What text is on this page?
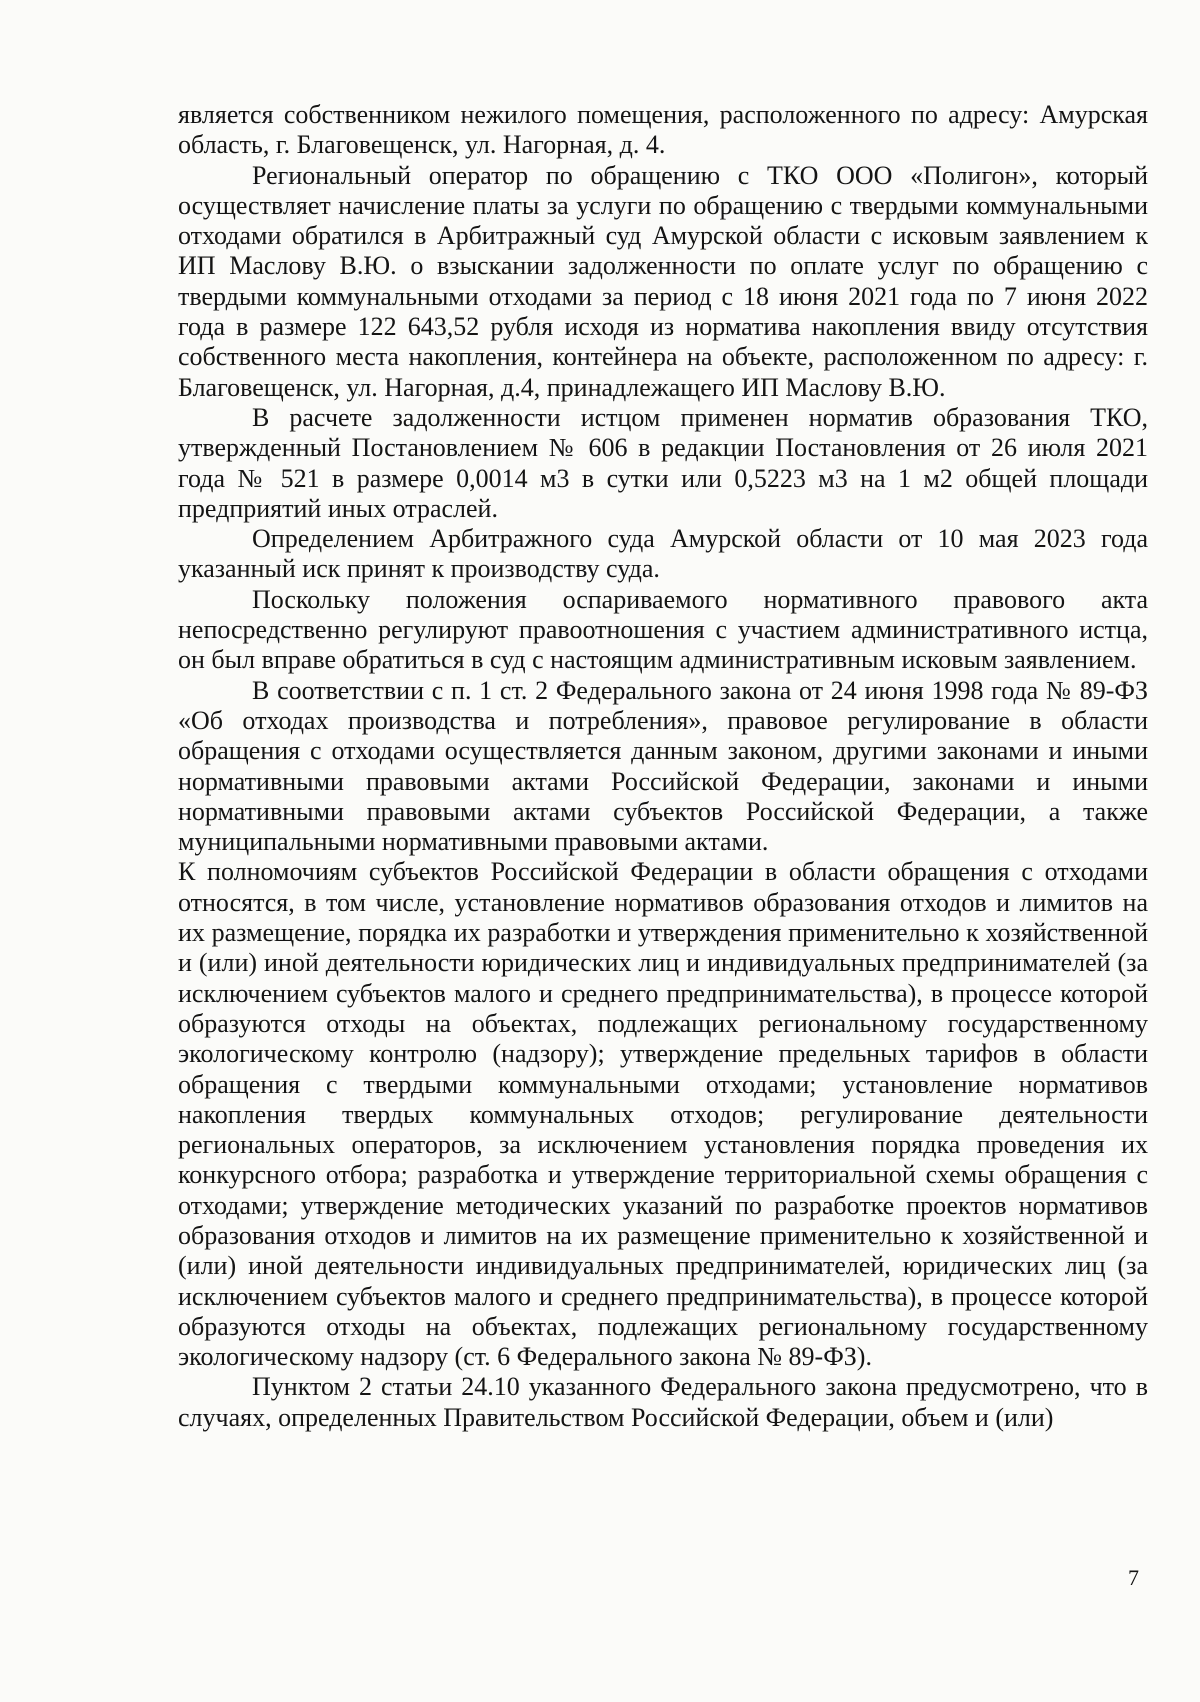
является собственником нежилого помещения, расположенного по адресу: Амурская область, г. Благовещенск, ул. Нагорная, д. 4.

Региональный оператор по обращению с ТКО ООО «Полигон», который осуществляет начисление платы за услуги по обращению с твердыми коммунальными отходами обратился в Арбитражный суд Амурской области с исковым заявлением к ИП Маслову В.Ю. о взыскании задолженности по оплате услуг по обращению с твердыми коммунальными отходами за период с 18 июня 2021 года по 7 июня 2022 года в размере 122 643,52 рубля исходя из норматива накопления ввиду отсутствия собственного места накопления, контейнера на объекте, расположенном по адресу: г. Благовещенск, ул. Нагорная, д.4, принадлежащего ИП Маслову В.Ю.

В расчете задолженности истцом применен норматив образования ТКО, утвержденный Постановлением № 606 в редакции Постановления от 26 июля 2021 года № 521 в размере 0,0014 м3 в сутки или 0,5223 м3 на 1 м2 общей площади предприятий иных отраслей.

Определением Арбитражного суда Амурской области от 10 мая 2023 года указанный иск принят к производству суда.

Поскольку положения оспариваемого нормативного правового акта непосредственно регулируют правоотношения с участием административного истца, он был вправе обратиться в суд с настоящим административным исковым заявлением.

В соответствии с п. 1 ст. 2 Федерального закона от 24 июня 1998 года № 89-ФЗ «Об отходах производства и потребления», правовое регулирование в области обращения с отходами осуществляется данным законом, другими законами и иными нормативными правовыми актами Российской Федерации, законами и иными нормативными правовыми актами субъектов Российской Федерации, а также муниципальными нормативными правовыми актами.

К полномочиям субъектов Российской Федерации в области обращения с отходами относятся, в том числе, установление нормативов образования отходов и лимитов на их размещение, порядка их разработки и утверждения применительно к хозяйственной и (или) иной деятельности юридических лиц и индивидуальных предпринимателей (за исключением субъектов малого и среднего предпринимательства), в процессе которой образуются отходы на объектах, подлежащих региональному государственному экологическому контролю (надзору); утверждение предельных тарифов в области обращения с твердыми коммунальными отходами; установление нормативов накопления твердых коммунальных отходов; регулирование деятельности региональных операторов, за исключением установления порядка проведения их конкурсного отбора; разработка и утверждение территориальной схемы обращения с отходами; утверждение методических указаний по разработке проектов нормативов образования отходов и лимитов на их размещение применительно к хозяйственной и (или) иной деятельности индивидуальных предпринимателей, юридических лиц (за исключением субъектов малого и среднего предпринимательства), в процессе которой образуются отходы на объектах, подлежащих региональному государственному экологическому надзору (ст. 6 Федерального закона № 89-ФЗ).

Пунктом 2 статьи 24.10 указанного Федерального закона предусмотрено, что в случаях, определенных Правительством Российской Федерации, объем и (или)

7
